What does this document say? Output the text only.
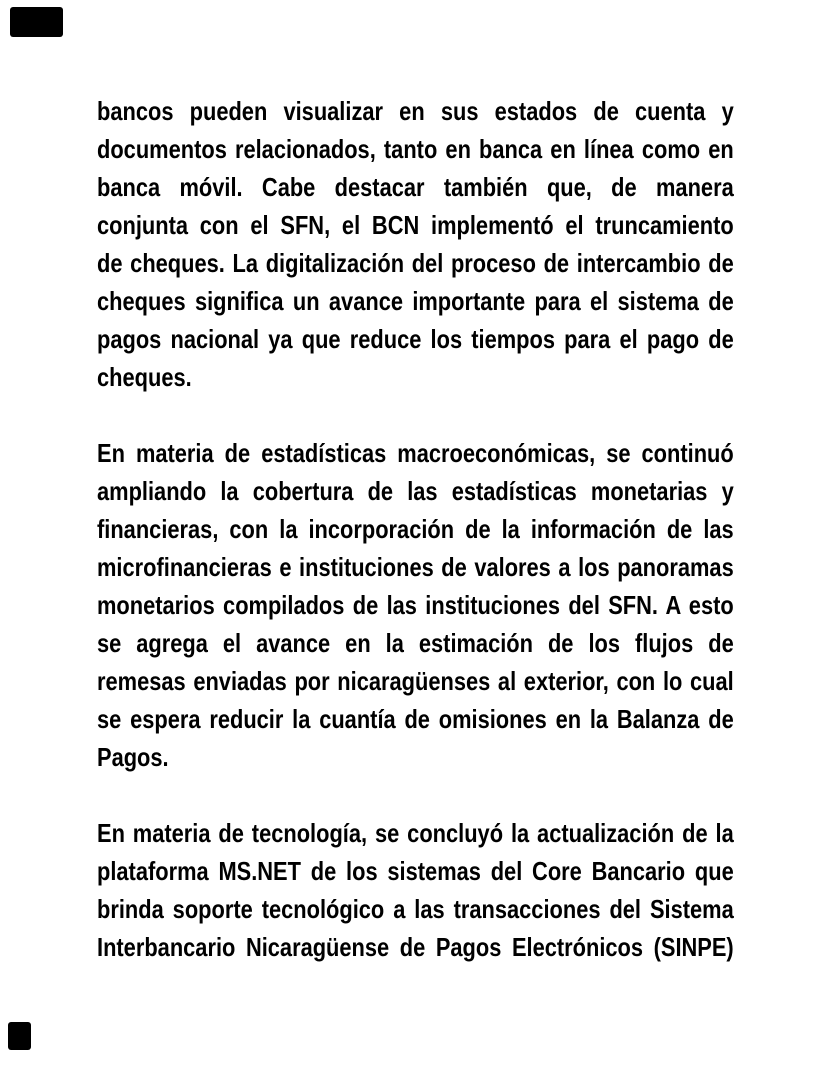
bancos pueden visualizar en sus estados de cuenta y
documentos relacionados, tanto en banca en línea como en
banca móvil. Cabe destacar también que, de manera
conjunta con el SFN, el BCN implementó el truncamiento
de cheques. La digitalización del proceso de intercambio de
cheques significa un avance importante para el sistema de
pagos nacional ya que reduce los tiempos para el pago de
cheques.
En materia de estadísticas macroeconómicas, se continuó
ampliando la cobertura de las estadísticas monetarias y
financieras, con la incorporación de la información de las
microfinancieras e instituciones de valores a los panoramas
monetarios compilados de las instituciones del SFN. A esto
se agrega el avance en la estimación de los flujos de
remesas enviadas por nicaragüenses al exterior, con lo cual
se espera reducir la cuantía de omisiones en la Balanza de
Pagos.
En materia de tecnología, se concluyó la actualización de la
plataforma MS.NET de los sistemas del Core Bancario que
brinda soporte tecnológico a las transacciones del Sistema
Interbancario Nicaragüense de Pagos Electrónicos (SINPE)
